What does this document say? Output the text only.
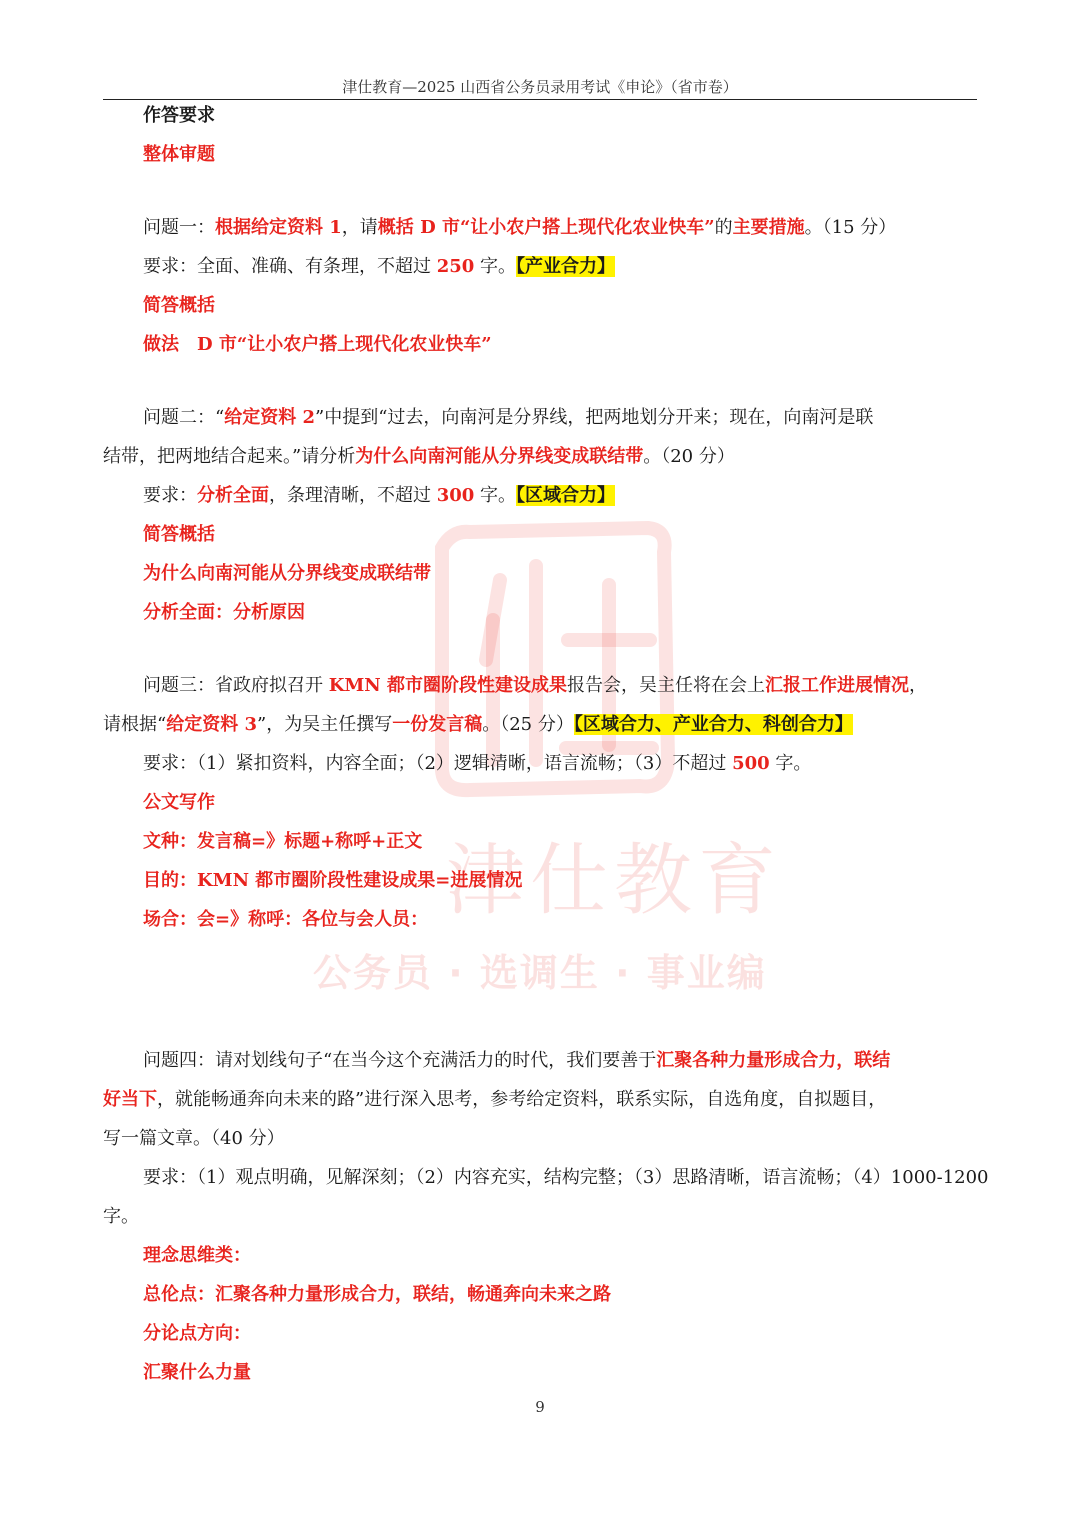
津仕教育—2025 山西省公务员录用考试《申论》（省市卷）
津仕教育
公务员 · 选调生 · 事业编
作答要求
整体审题
问题一：根据给定资料 1，请概括 D 市“让小农户搭上现代化农业快车”的主要措施。（15 分）
要求：全面、准确、有条理，不超过 250 字。【产业合力】
简答概括
做法　D 市“让小农户搭上现代化农业快车”
问题二：“给定资料 2”中提到“过去，向南河是分界线，把两地划分开来；现在，向南河是联
结带，把两地结合起来。”请分析为什么向南河能从分界线变成联结带。（20 分）
要求：分析全面，条理清晰，不超过 300 字。【区域合力】
简答概括
为什么向南河能从分界线变成联结带
分析全面：分析原因
问题三：省政府拟召开 KMN 都市圈阶段性建设成果报告会，吴主任将在会上汇报工作进展情况，
请根据“给定资料 3”，为吴主任撰写一份发言稿。（25 分）【区域合力、产业合力、科创合力】
要求：（1）紧扣资料，内容全面；（2）逻辑清晰，语言流畅；（3）不超过 500 字。
公文写作
文种：发言稿=》标题+称呼+正文
目的：KMN 都市圈阶段性建设成果=进展情况
场合：会=》称呼：各位与会人员：
问题四：请对划线句子“在当今这个充满活力的时代，我们要善于汇聚各种力量形成合力，联结
好当下，就能畅通奔向未来的路”进行深入思考，参考给定资料，联系实际，自选角度，自拟题目，
写一篇文章。（40 分）
要求：（1）观点明确，见解深刻；（2）内容充实，结构完整；（3）思路清晰，语言流畅；（4）1000-1200
字。
理念思维类：
总伦点：汇聚各种力量形成合力，联结，畅通奔向未来之路
分论点方向：
汇聚什么力量
9
